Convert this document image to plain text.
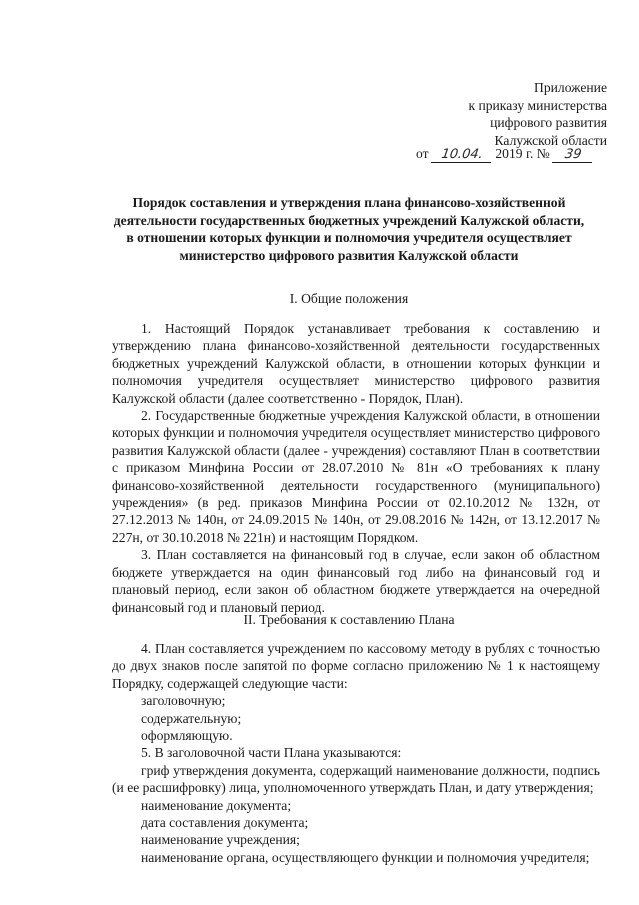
Приложение
к приказу министерства
цифрового развития
Калужской области
от 10.04. 2019 г. № 39
Порядок составления и утверждения плана финансово-хозяйственной деятельности государственных бюджетных учреждений Калужской области, в отношении которых функции и полномочия учредителя осуществляет министерство цифрового развития Калужской области
I. Общие положения

1. Настоящий Порядок устанавливает требования к составлению и утверждению плана финансово-хозяйственной деятельности государственных бюджетных учреждений Калужской области, в отношении которых функции и полномочия учредителя осуществляет министерство цифрового развития Калужской области (далее соответственно - Порядок, План).

2. Государственные бюджетные учреждения Калужской области, в отношении которых функции и полномочия учредителя осуществляет министерство цифрового развития Калужской области (далее - учреждения) составляют План в соответствии с приказом Минфина России от 28.07.2010 № 81н «О требованиях к плану финансово-хозяйственной деятельности государственного (муниципального) учреждения» (в ред. приказов Минфина России от 02.10.2012 № 132н, от 27.12.2013 № 140н, от 24.09.2015 № 140н, от 29.08.2016 № 142н, от 13.12.2017 № 227н, от 30.10.2018 № 221н) и настоящим Порядком.

3. План составляется на финансовый год в случае, если закон об областном бюджете утверждается на один финансовый год либо на финансовый год и плановый период, если закон об областном бюджете утверждается на очередной финансовый год и плановый период.

II. Требования к составлению Плана

4. План составляется учреждением по кассовому методу в рублях с точностью до двух знаков после запятой по форме согласно приложению № 1 к настоящему Порядку, содержащей следующие части:

заголовочную;
содержательную;
оформляющую.

5. В заголовочной части Плана указываются:

гриф утверждения документа, содержащий наименование должности, подпись (и ее расшифровку) лица, уполномоченного утверждать План, и дату утверждения;

наименование документа;
дата составления документа;
наименование учреждения;
наименование органа, осуществляющего функции и полномочия учредителя;
